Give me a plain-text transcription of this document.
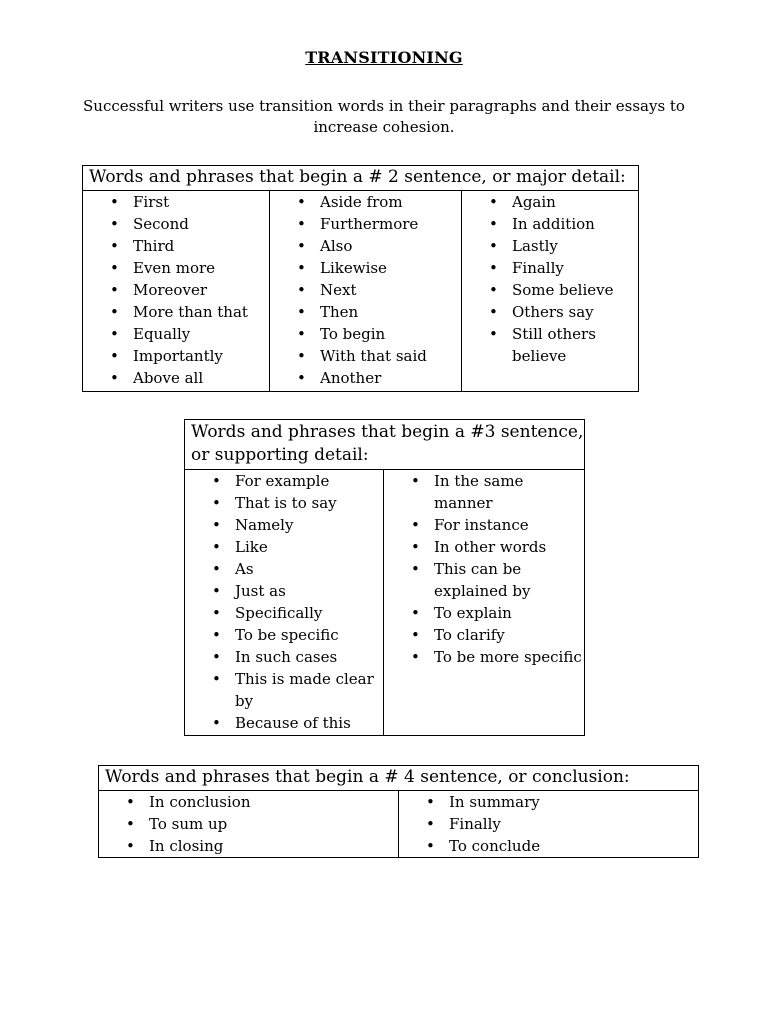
TRANSITIONING
Successful writers use transition words in their paragraphs and their essays to increase cohesion.
Words and phrases that begin a # 2 sentence, or major detail:

• First
• Second
• Third
• Even more
• Moreover
• More than that
• Equally
• Importantly
• Above all

• Aside from
• Furthermore
• Also
• Likewise
• Next
• Then
• To begin
• With that said
• Another

• Again
• In addition
• Lastly
• Finally
• Some believe
• Others say
• Still others believe
Words and phrases that begin a #3 sentence, or supporting detail:

• For example
• That is to say
• Namely
• Like
• As
• Just as
• Specifically
• To be specific
• In such cases
• This is made clear by
• Because of this

• In the same manner
• For instance
• In other words
• This can be explained by
• To explain
• To clarify
• To be more specific
Words and phrases that begin a # 4 sentence, or conclusion:

• In conclusion
• To sum up
• In closing

• In summary
• Finally
• To conclude
